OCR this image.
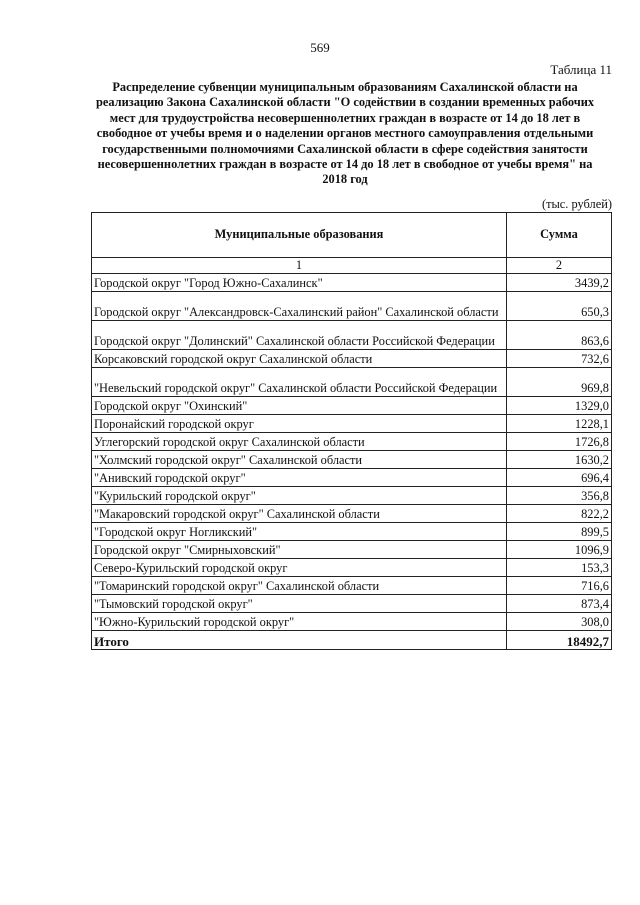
569
Таблица 11
Распределение субвенции муниципальным образованиям Сахалинской области на
реализацию Закона Сахалинской области "О содействии в создании временных рабочих
мест для трудоустройства несовершеннолетних граждан в возрасте от 14 до 18 лет в
свободное от учебы время и о наделении органов местного самоуправления отдельными
государственными полномочиями Сахалинской области в сфере содействия занятости
несовершеннолетних граждан в возрасте от 14 до 18 лет в свободное от учебы время" на
2018 год
(тыс. рублей)
Муниципальные образования	Сумма
1	2
Городской округ "Город Южно-Сахалинск"	3439,2
Городской округ "Александровск-Сахалинский район" Сахалинской области	650,3
Городской округ "Долинский" Сахалинской области Российской Федерации	863,6
Корсаковский городской округ Сахалинской области	732,6
"Невельский городской округ" Сахалинской области Российской Федерации	969,8
Городской округ "Охинский"	1329,0
Поронайский городской округ	1228,1
Углегорский городской округ Сахалинской области	1726,8
"Холмский городской округ" Сахалинской области	1630,2
"Анивский городской округ"	696,4
"Курильский городской округ"	356,8
"Макаровский городской округ" Сахалинской области	822,2
"Городской округ Ногликский"	899,5
Городской округ "Смирныховский"	1096,9
Северо-Курильский городской округ	153,3
"Томаринский городской округ" Сахалинской области	716,6
"Тымовский городской округ"	873,4
"Южно-Курильский городской округ"	308,0
Итого	18492,7
